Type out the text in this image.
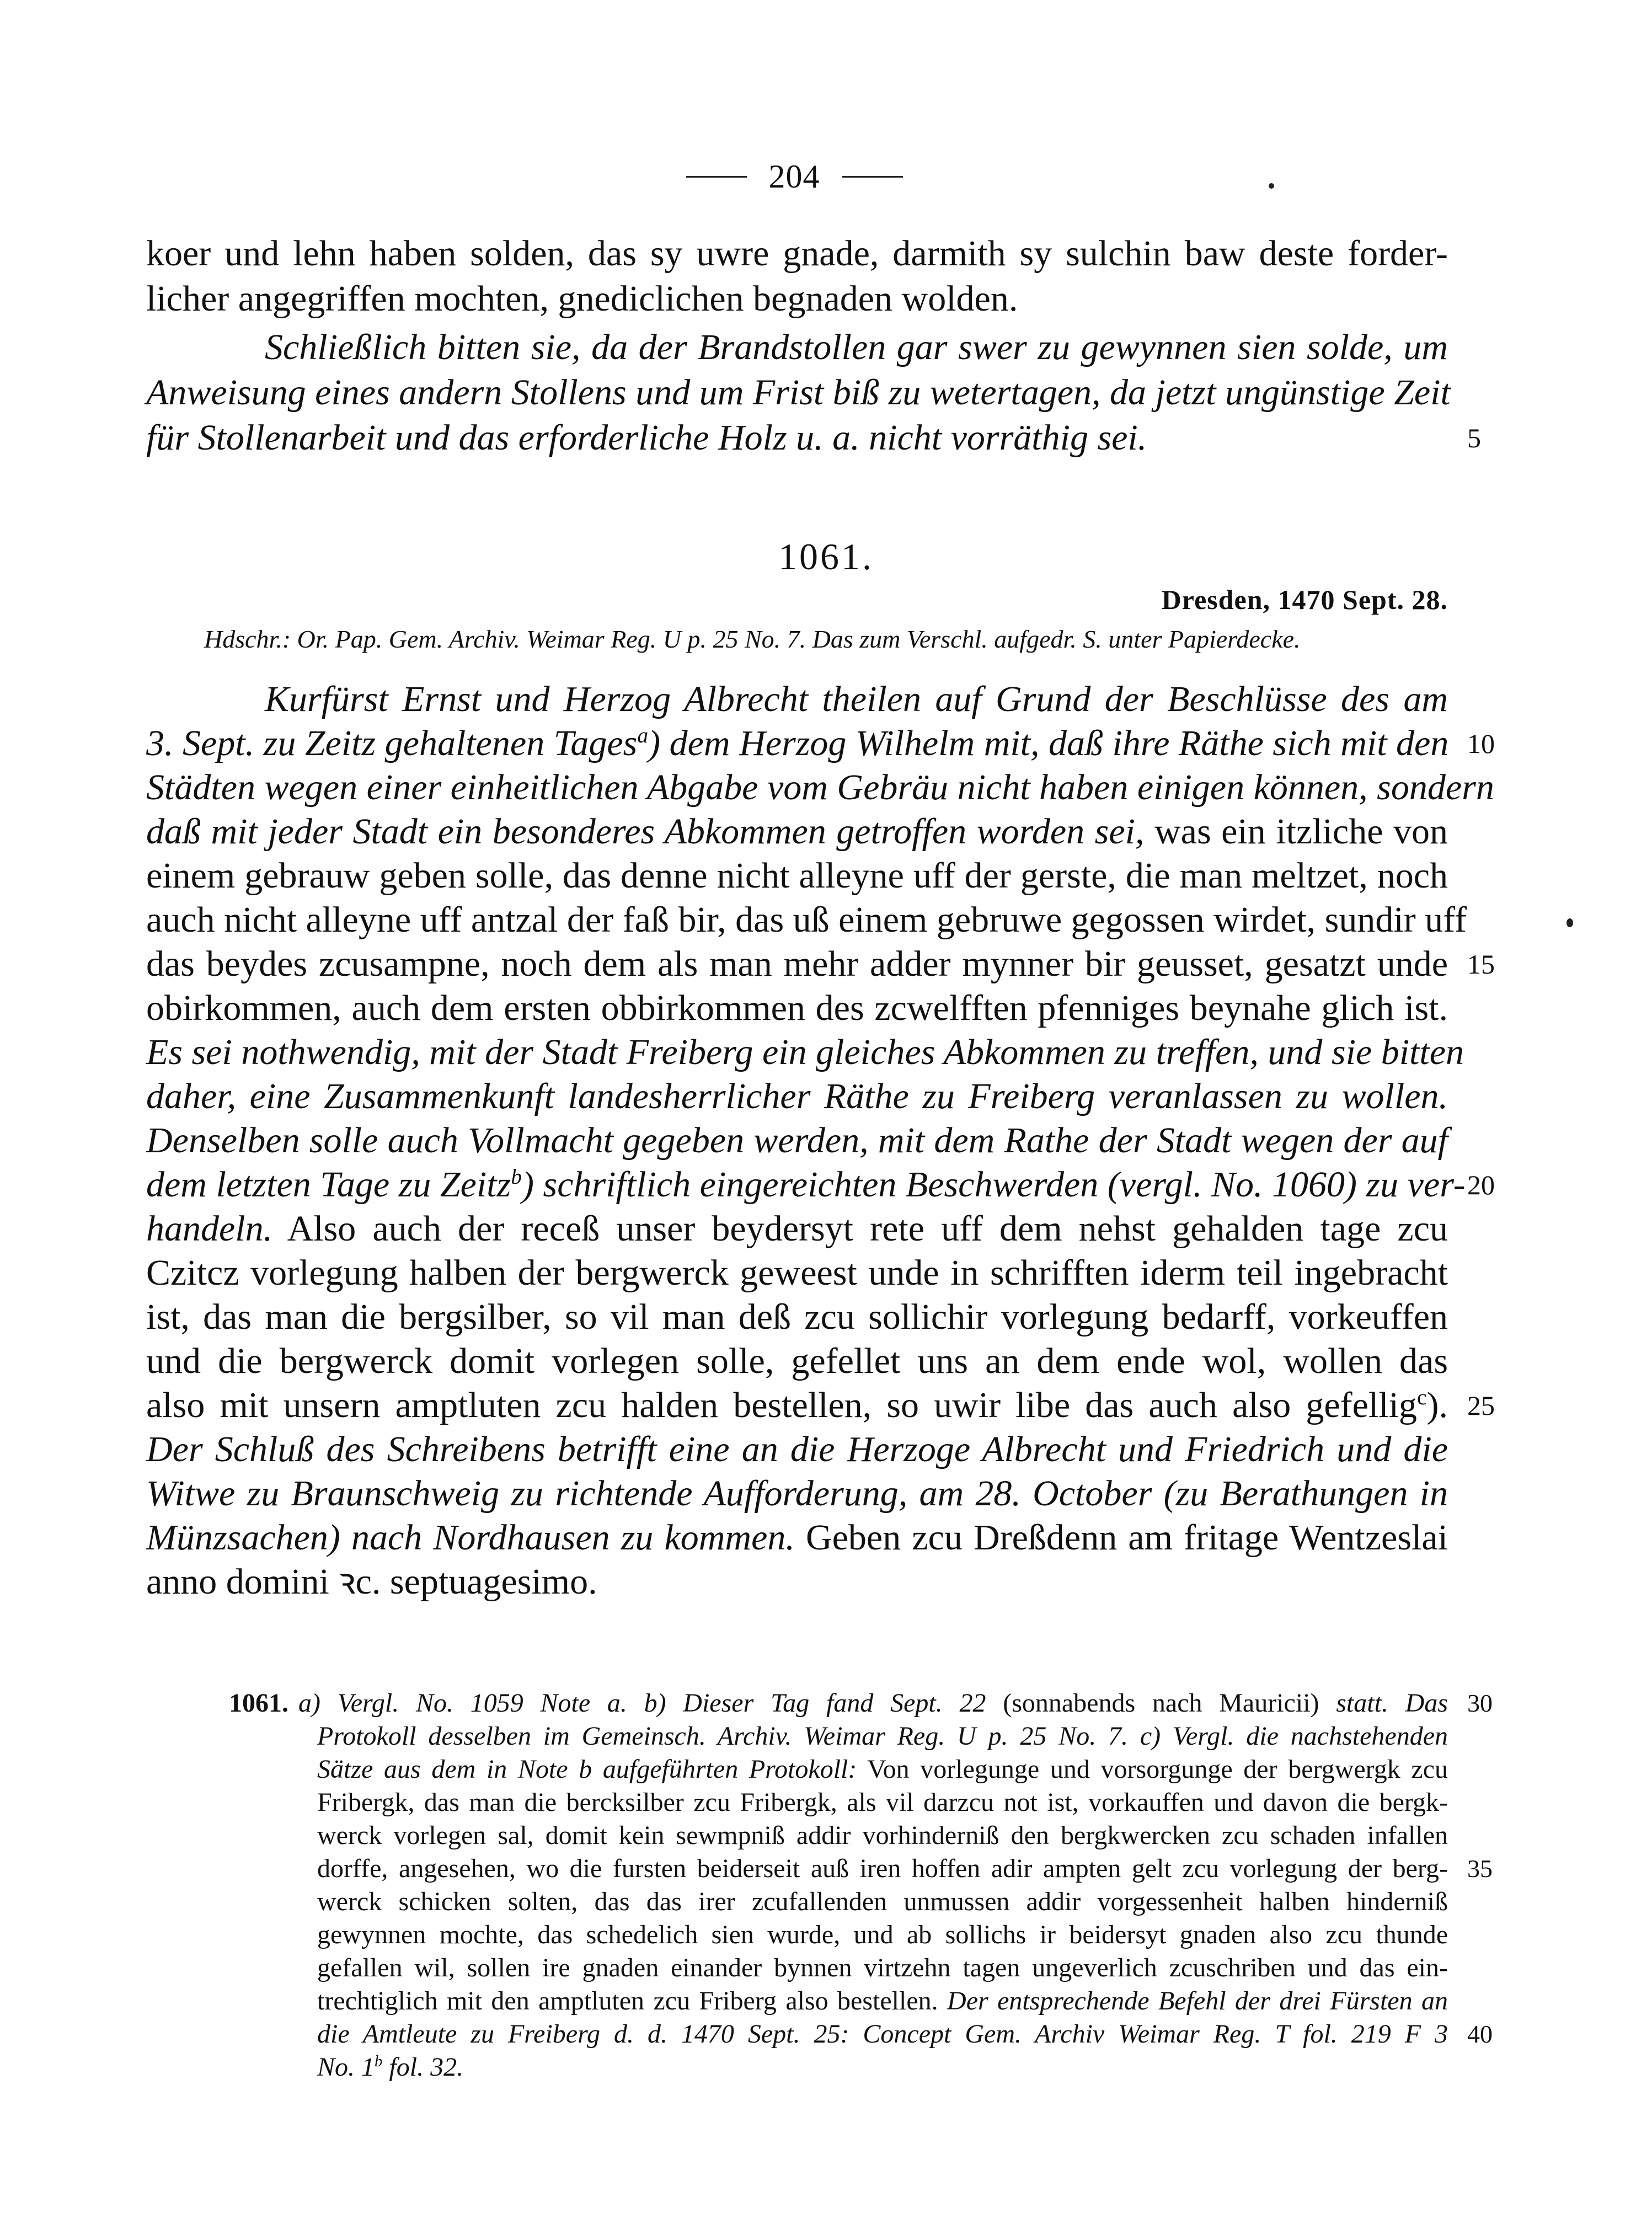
204
koer und lehn haben solden, das sy uwre gnade, darmith sy sulchin baw deste forder-
licher angegriffen mochten, gnediclichen begnaden wolden.
Schließlich bitten sie, da der Brandstollen gar swer zu gewynnen sien solde, um
Anweisung eines andern Stollens und um Frist biß zu wetertagen, da jetzt ungünstige Zeit
für Stollenarbeit und das erforderliche Holz u. a. nicht vorräthig sei.	5
1061.
Dresden, 1470 Sept. 28.
Hdschr.: Or. Pap. Gem. Archiv. Weimar Reg. U p. 25 No. 7. Das zum Verschl. aufgedr. S. unter Papierdecke.
Kurfürst Ernst und Herzog Albrecht theilen auf Grund der Beschlüsse des am
3. Sept. zu Zeitz gehaltenen Tages$^a$) dem Herzog Wilhelm mit, daß ihre Räthe sich mit den 10
Städten wegen einer einheitlichen Abgabe vom Gebräu nicht haben einigen können, sondern
daß mit jeder Stadt ein besonderes Abkommen getroffen worden sei, was ein itzliche von
einem gebrauw geben solle, das denne nicht alleyne uff der gerste, die man meltzet, noch
auch nicht alleyne uff antzal der faß bir, das uß einem gebruwe gegossen wirdet, sundir uff
das beydes zcusampne, noch dem als man mehr adder mynner bir geusset, gesatzt unde 15
obirkommen, auch dem ersten obbirkommen des zcwelfften pfenniges beynahe glich ist.
Es sei nothwendig, mit der Stadt Freiberg ein gleiches Abkommen zu treffen, und sie bitten
daher, eine Zusammenkunft landesherrlicher Räthe zu Freiberg veranlassen zu wollen.
Denselben solle auch Vollmacht gegeben werden, mit dem Rathe der Stadt wegen der auf
dem letzten Tage zu Zeitz$^b$) schriftlich eingereichten Beschwerden (vergl. No. 1060) zu ver- 20
handeln. Also auch der receß unser beydersyt rete uff dem nehst gehalden tage zcu
Czitcz vorlegung halben der bergwerck geweest unde in schrifften iderm teil ingebracht
ist, das man die bergsilber, so vil man deß zcu sollichir vorlegung bedarff, vorkeuffen
und die bergwerck domit vorlegen solle, gefellet uns an dem ende wol, wollen das
also mit unsern amptluten zcu halden bestellen, so uwir libe das auch also gefellig$^c$). 25
Der Schluß des Schreibens betrifft eine an die Herzoge Albrecht und Friedrich und die
Witwe zu Braunschweig zu richtende Aufforderung, am 28. October (zu Berathungen in
Münzsachen) nach Nordhausen zu kommen. Geben zcu Dreßdenn am fritage Wentzeslai
anno domini ꝛc. septuagesimo.
1061. a) Vergl. No. 1059 Note a. b) Dieser Tag fand Sept. 22 (sonnabends nach Mauricii) statt. Das 30
Protokoll desselben im Gemeinsch. Archiv. Weimar Reg. U p. 25 No. 7. c) Vergl. die nachstehenden
Sätze aus dem in Note b aufgeführten Protokoll: Von vorlegunge und vorsorgunge der bergwergk zcu
Fribergk, das man die bercksilber zcu Fribergk, als vil darzcu not ist, vorkauffen und davon die bergk-
werck vorlegen sal, domit kein sewmpniß addir vorhinderniß den bergkwercken zcu schaden infallen
dorffe, angesehen, wo die fursten beiderseit auß iren hoffen adir ampten gelt zcu vorlegung der berg- 35
werck schicken solten, das das irer zcufallenden unmussen addir vorgessenheit halben hinderniß
gewynnen mochte, das schedelich sien wurde, und ab sollichs ir beidersyt gnaden also zcu thunde
gefallen wil, sollen ire gnaden einander bynnen virtzehn tagen ungeverlich zcuschriben und das ein-
trechtiglich mit den amptluten zcu Friberg also bestellen. Der entsprechende Befehl der drei Fürsten an
die Amtleute zu Freiberg d. d. 1470 Sept. 25: Concept Gem. Archiv Weimar Reg. T fol. 219 F 3 40
No. 1$^b$ fol. 32.
